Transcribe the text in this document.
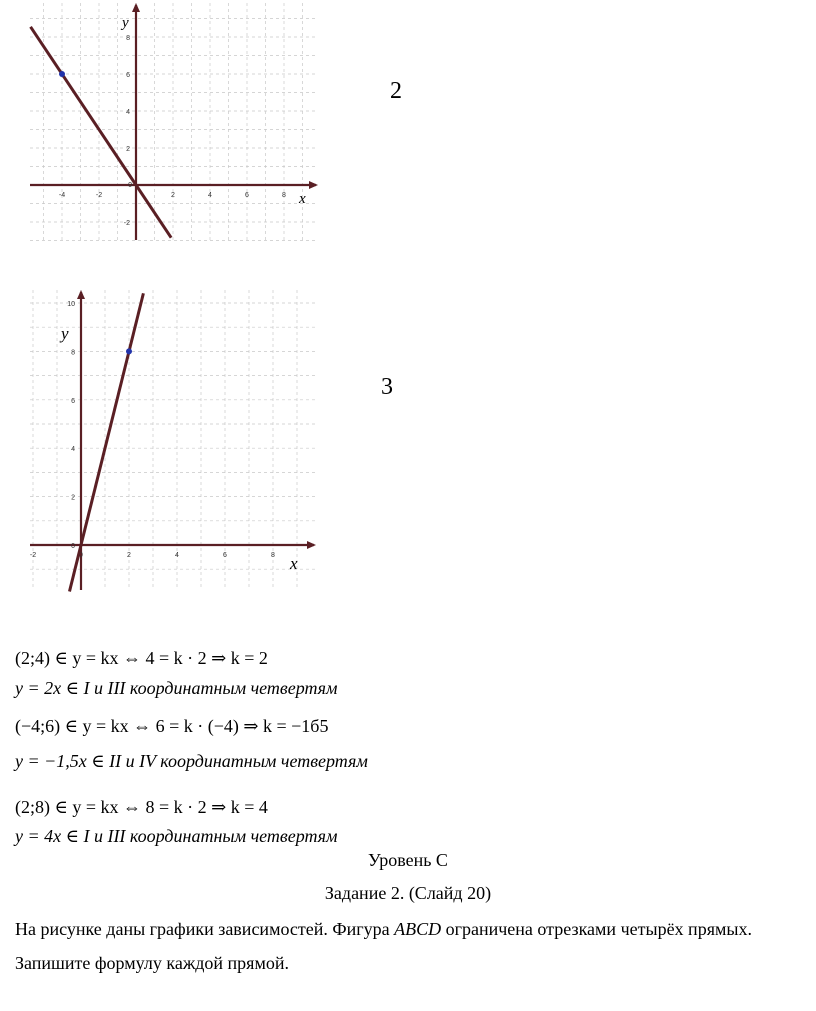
-4	-2	2	4	6	8
8
6
4
2
-2
0
x
y
2
-2	0	2	4	6	8
10
8
6
4
2
0
x
y
3
(2;4) ∈ y = kx ⇔ 4 = k · 2 ⇒ k = 2
y = 2x ∈ I и III координатным четвертям
(−4;6) ∈ y = kx ⇔ 6 = k · (−4) ⇒ k = −1б5
y = −1,5x ∈ II и IV координатным четвертям
(2;8) ∈ y = kx ⇔ 8 = k · 2 ⇒ k = 4
y = 4x ∈ I и III координатным четвертям
Уровень С
Задание 2. (Слайд 20)
На рисунке даны графики зависимостей. Фигура ABCD ограничена отрезками четырёх прямых. Запишите формулу каждой прямой.
